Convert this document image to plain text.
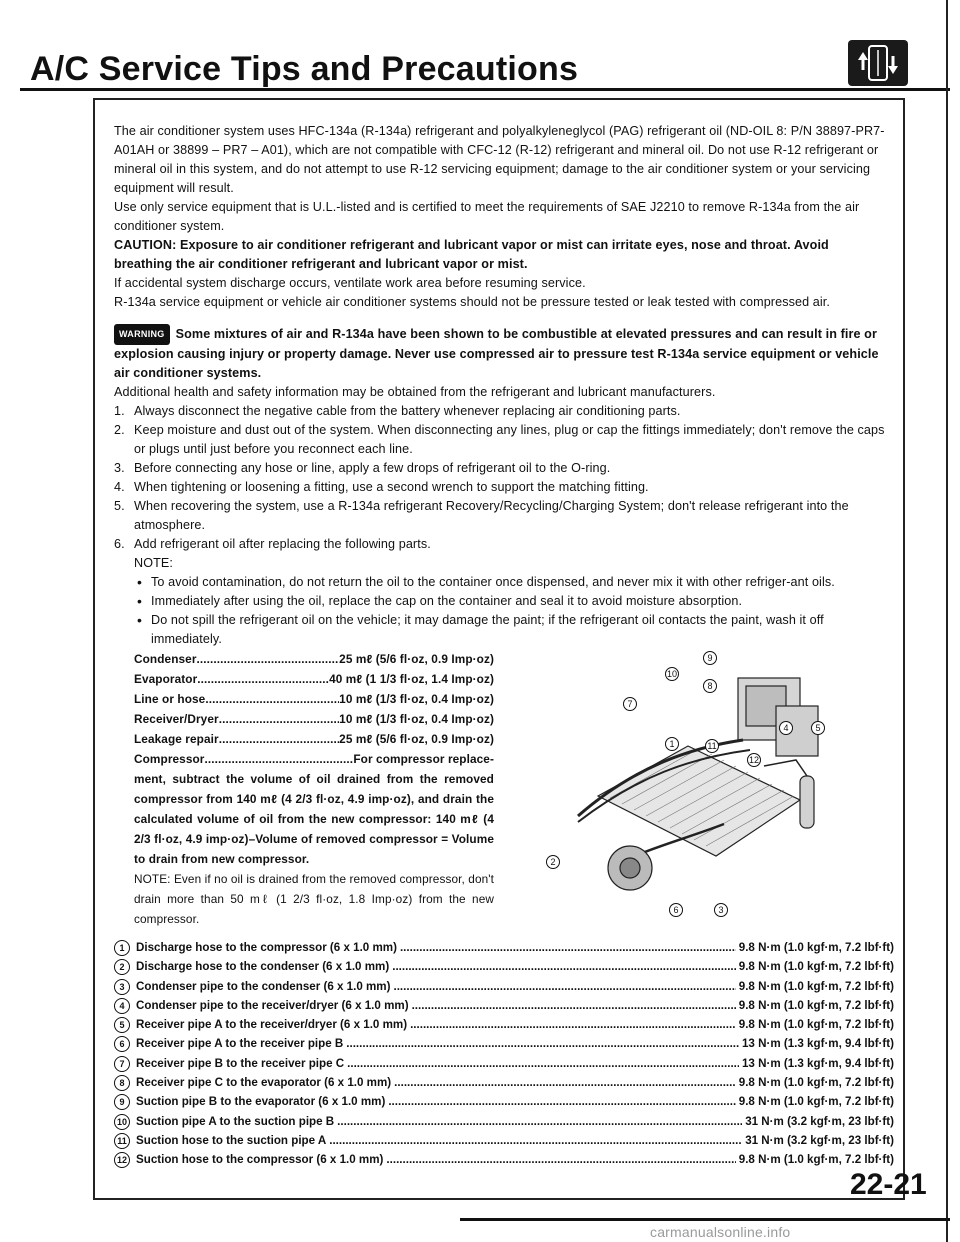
A/C Service Tips and Precautions

The air conditioner system uses HFC-134a (R-134a) refrigerant and polyalkyleneglycol (PAG) refrigerant oil (ND-OIL 8: P/N 38897-PR7-A01AH or 38899 – PR7 – A01), which are not compatible with CFC-12 (R-12) refrigerant and mineral oil. Do not use R-12 refrigerant or mineral oil in this system, and do not attempt to use R-12 servicing equipment; damage to the air conditioner system or your servicing equipment will result.

Use only service equipment that is U.L.-listed and is certified to meet the requirements of SAE J2210 to remove R-134a from the air conditioner system.

CAUTION: Exposure to air conditioner refrigerant and lubricant vapor or mist can irritate eyes, nose and throat. Avoid breathing the air conditioner refrigerant and lubricant vapor or mist.

If accidental system discharge occurs, ventilate work area before resuming service.

R-134a service equipment or vehicle air conditioner systems should not be pressure tested or leak tested with compressed air.

WARNING Some mixtures of air and R-134a have been shown to be combustible at elevated pressures and can result in fire or explosion causing injury or property damage. Never use compressed air to pressure test R-134a service equipment or vehicle air conditioner systems.

Additional health and safety information may be obtained from the refrigerant and lubricant manufacturers.

1. Always disconnect the negative cable from the battery whenever replacing air conditioning parts.
2. Keep moisture and dust out of the system. When disconnecting any lines, plug or cap the fittings immediately; don't remove the caps or plugs until just before you reconnect each line.
3. Before connecting any hose or line, apply a few drops of refrigerant oil to the O-ring.
4. When tightening or loosening a fitting, use a second wrench to support the matching fitting.
5. When recovering the system, use a R-134a refrigerant Recovery/Recycling/Charging System; don't release refrigerant into the atmosphere.
6. Add refrigerant oil after replacing the following parts.

NOTE:

• To avoid contamination, do not return the oil to the container once dispensed, and never mix it with other refriger-ant oils.
• Immediately after using the oil, replace the cap on the container and seal it to avoid moisture absorption.
• Do not spill the refrigerant oil on the vehicle; it may damage the paint; if the refrigerant oil contacts the paint, wash it off immediately.
Condenser .....	25 mℓ (5/6 fl·oz, 0.9 Imp·oz)
Evaporator .....	40 mℓ (1 1/3 fl·oz, 1.4 Imp·oz)
Line or hose .....	10 mℓ (1/3 fl·oz, 0.4 Imp·oz)
Receiver/Dryer .....	10 mℓ (1/3 fl·oz, 0.4 Imp·oz)
Leakage repair .....	25 mℓ (5/6 fl·oz, 0.9 Imp·oz)
Compressor .....	For compressor replace-
ment, subtract the volume of oil drained from the removed compressor from 140 mℓ (4 2/3 fl·oz, 4.9 imp·oz), and drain the calculated volume of oil from the new compressor: 140 mℓ (4 2/3 fl·oz, 4.9 imp·oz)–Volume of removed compressor = Volume to drain from new compressor.
NOTE: Even if no oil is drained from the removed compressor, don't drain more than 50 mℓ (1 2/3 fl·oz, 1.8 Imp·oz) from the new compressor.
1
2
3
4	5
6
7
8
9
10
11
12
1 Discharge hose to the compressor (6 x 1.0 mm) .....	9.8 N·m (1.0 kgf·m, 7.2 lbf·ft)
2 Discharge hose to the condenser (6 x 1.0 mm) .....	9.8 N·m (1.0 kgf·m, 7.2 lbf·ft)
3 Condenser pipe to the condenser (6 x 1.0 mm) .....	9.8 N·m (1.0 kgf·m, 7.2 lbf·ft)
4 Condenser pipe to the receiver/dryer (6 x 1.0 mm) .....	9.8 N·m (1.0 kgf·m, 7.2 lbf·ft)
5 Receiver pipe A to the receiver/dryer (6 x 1.0 mm) .....	9.8 N·m (1.0 kgf·m, 7.2 lbf·ft)
6 Receiver pipe A to the receiver pipe B .....	13 N·m (1.3 kgf·m, 9.4 lbf·ft)
7 Receiver pipe B to the receiver pipe C .....	13 N·m (1.3 kgf·m, 9.4 lbf·ft)
8 Receiver pipe C to the evaporator (6 x 1.0 mm) .....	9.8 N·m (1.0 kgf·m, 7.2 lbf·ft)
9 Suction pipe B to the evaporator (6 x 1.0 mm) .....	9.8 N·m (1.0 kgf·m, 7.2 lbf·ft)
10 Suction pipe A to the suction pipe B .....	31 N·m (3.2 kgf·m, 23 lbf·ft)
11 Suction hose to the suction pipe A .....	31 N·m (3.2 kgf·m, 23 lbf·ft)
12 Suction hose to the compressor (6 x 1.0 mm) .....	9.8 N·m (1.0 kgf·m, 7.2 lbf·ft)
22-21
carmanualsonline.info
